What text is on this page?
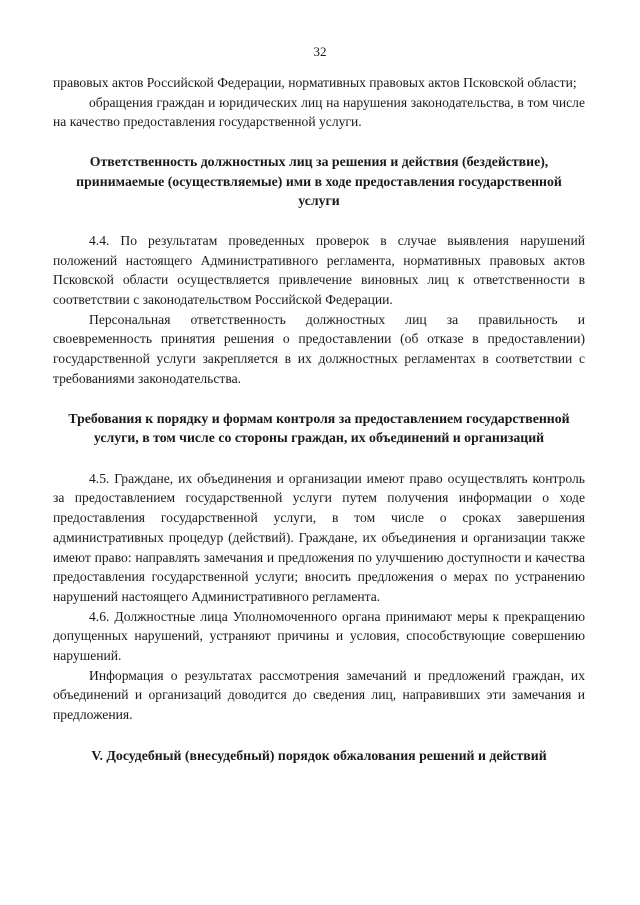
32

правовых актов Российской Федерации, нормативных правовых актов Псковской области;

обращения граждан и юридических лиц на нарушения законодательства, в том числе на качество предоставления государственной услуги.

Ответственность должностных лиц за решения и действия (бездействие), принимаемые (осуществляемые) ими в ходе предоставления государственной услуги

4.4. По результатам проведенных проверок в случае выявления нарушений положений настоящего Административного регламента, нормативных правовых актов Псковской области осуществляется привлечение виновных лиц к ответственности в соответствии с законодательством Российской Федерации.

Персональная ответственность должностных лиц за правильность и своевременность принятия решения о предоставлении (об отказе в предоставлении) государственной услуги закрепляется в их должностных регламентах в соответствии с требованиями законодательства.

Требования к порядку и формам контроля за предоставлением государственной услуги, в том числе со стороны граждан, их объединений и организаций

4.5. Граждане, их объединения и организации имеют право осуществлять контроль за предоставлением государственной услуги путем получения информации о ходе предоставления государственной услуги, в том числе о сроках завершения административных процедур (действий). Граждане, их объединения и организации также имеют право: направлять замечания и предложения по улучшению доступности и качества предоставления государственной услуги; вносить предложения о мерах по устранению нарушений настоящего Административного регламента.

4.6. Должностные лица Уполномоченного органа принимают меры к прекращению допущенных нарушений, устраняют причины и условия, способствующие совершению нарушений.

Информация о результатах рассмотрения замечаний и предложений граждан, их объединений и организаций доводится до сведения лиц, направивших эти замечания и предложения.

V. Досудебный (внесудебный) порядок обжалования решений и действий
